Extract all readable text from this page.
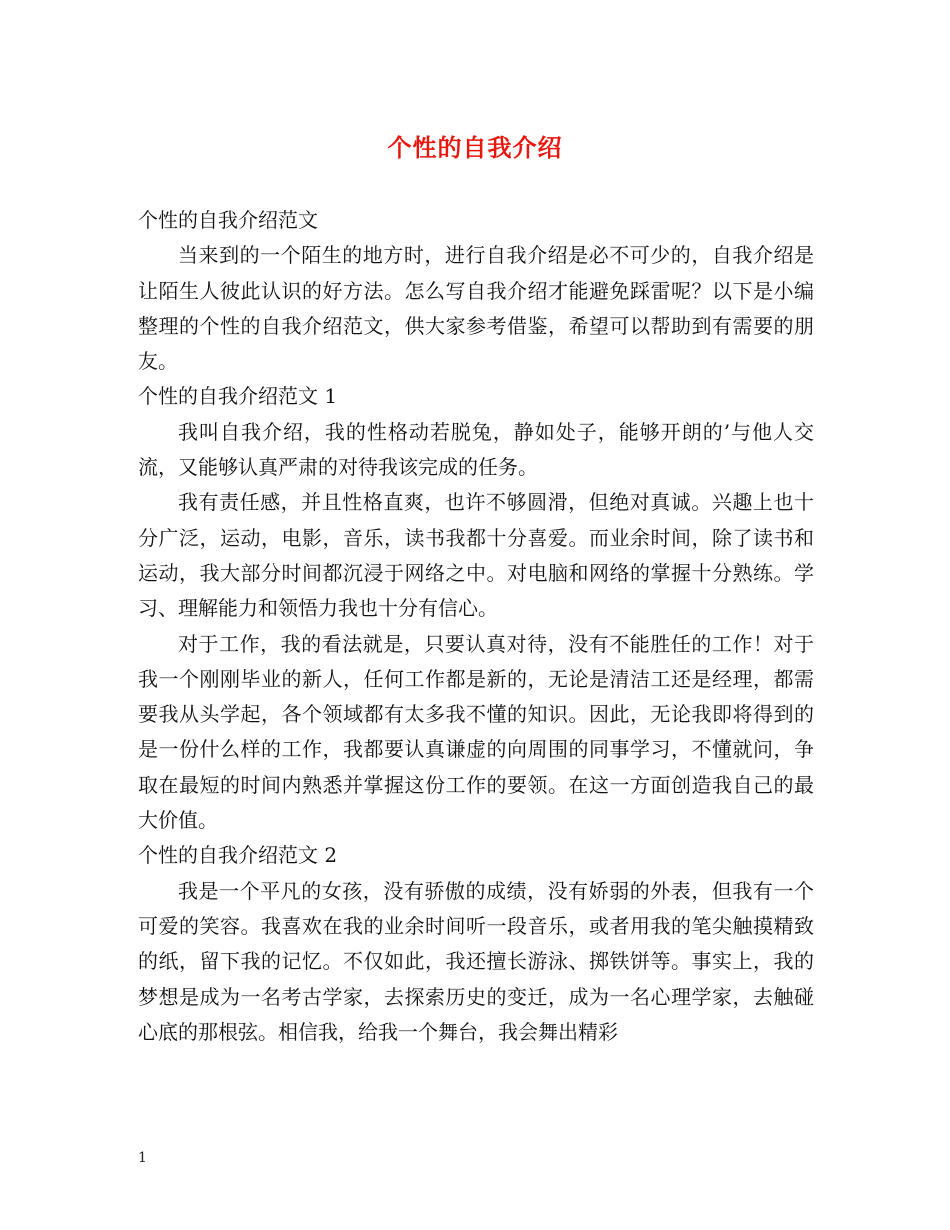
个性的自我介绍

个性的自我介绍范文

当来到的一个陌生的地方时，进行自我介绍是必不可少的，自我介绍是让陌生人彼此认识的好方法。怎么写自我介绍才能避免踩雷呢？以下是小编整理的个性的自我介绍范文，供大家参考借鉴，希望可以帮助到有需要的朋友。

个性的自我介绍范文 1

我叫自我介绍，我的性格动若脱兔，静如处子，能够开朗的’与他人交流，又能够认真严肃的对待我该完成的任务。

我有责任感，并且性格直爽，也许不够圆滑，但绝对真诚。兴趣上也十分广泛，运动，电影，音乐，读书我都十分喜爱。而业余时间，除了读书和运动，我大部分时间都沉浸于网络之中。对电脑和网络的掌握十分熟练。学习、理解能力和领悟力我也十分有信心。

对于工作，我的看法就是，只要认真对待，没有不能胜任的工作！对于我一个刚刚毕业的新人，任何工作都是新的，无论是清洁工还是经理，都需要我从头学起，各个领域都有太多我不懂的知识。因此，无论我即将得到的是一份什么样的工作，我都要认真谦虚的向周围的同事学习，不懂就问，争取在最短的时间内熟悉并掌握这份工作的要领。在这一方面创造我自己的最大价值。

个性的自我介绍范文 2

我是一个平凡的女孩，没有骄傲的成绩，没有娇弱的外表，但我有一个可爱的笑容。我喜欢在我的业余时间听一段音乐，或者用我的笔尖触摸精致的纸，留下我的记忆。不仅如此，我还擅长游泳、掷铁饼等。事实上，我的梦想是成为一名考古学家，去探索历史的变迁，成为一名心理学家，去触碰心底的那根弦。相信我，给我一个舞台，我会舞出精彩

1
